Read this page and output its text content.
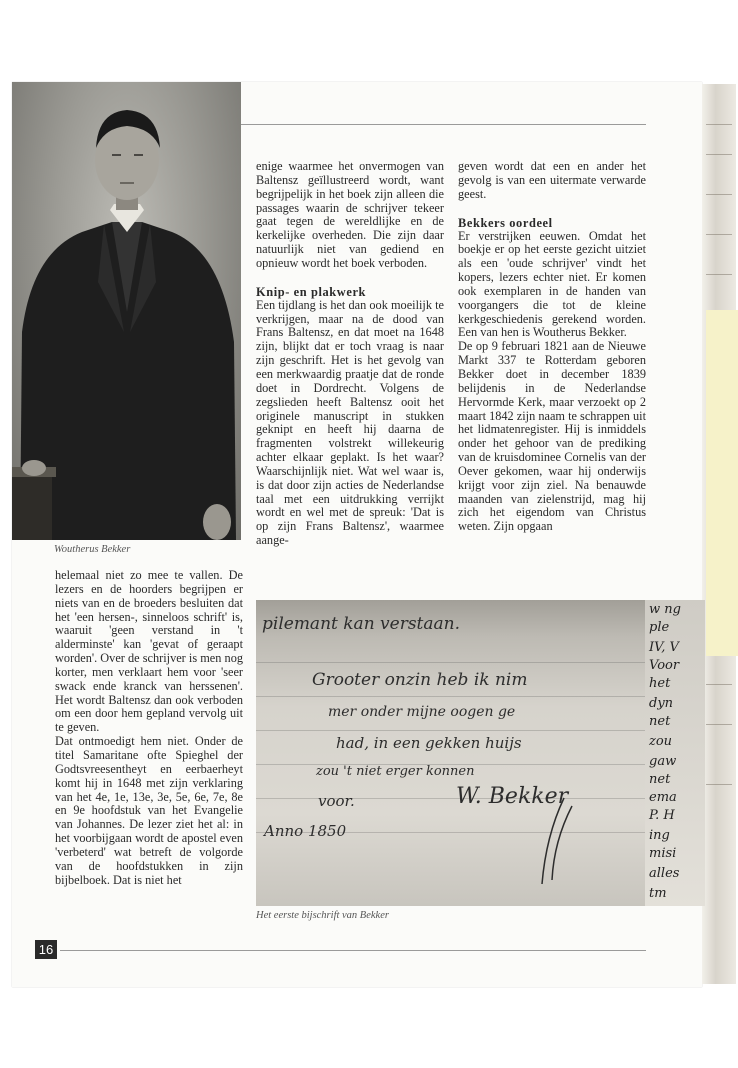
Woutherus Bekker

helemaal niet zo mee te vallen. De lezers en de hoorders begrijpen er niets van en de broeders besluiten dat het 'een hersen-, sinneloos schrift' is, waaruit 'geen verstand in 't alderminste' kan 'gevat of geraapt worden'. Over de schrijver is men nog korter, men verklaart hem voor 'seer swack ende kranck van herssenen'. Het wordt Baltensz dan ook verboden om een door hem gepland vervolg uit te geven.

Dat ontmoedigt hem niet. Onder de titel Samaritane ofte Spieghel der Godtsvreesentheyt en eerbaerheyt komt hij in 1648 met zijn verklaring van het 4e, 1e, 13e, 3e, 5e, 6e, 7e, 8e en 9e hoofdstuk van het Evangelie van Johannes. De lezer ziet het al: in het voorbijgaan wordt de apostel even 'verbeterd' wat betreft de volgorde van de hoofdstukken in zijn bijbelboek. Dat is niet het

enige waarmee het onvermogen van Baltensz geïllustreerd wordt, want begrijpelijk in het boek zijn alleen die passages waarin de schrijver tekeer gaat tegen de wereldlijke en de kerkelijke overheden. Die zijn daar natuurlijk niet van gediend en opnieuw wordt het boek verboden.

Knip- en plakwerk

Een tijdlang is het dan ook moeilijk te verkrijgen, maar na de dood van Frans Baltensz, en dat moet na 1648 zijn, blijkt dat er toch vraag is naar zijn geschrift. Het is het gevolg van een merkwaardig praatje dat de ronde doet in Dordrecht. Volgens de zegslieden heeft Baltensz ooit het originele manuscript in stukken geknipt en heeft hij daarna de fragmenten volstrekt willekeurig achter elkaar geplakt. Is het waar? Waarschijnlijk niet. Wat wel waar is, is dat door zijn acties de Nederlandse taal met een uitdrukking verrijkt wordt en wel met de spreuk: 'Dat is op zijn Frans Baltensz', waarmee aange-

geven wordt dat een en ander het gevolg is van een uitermate verwarde geest.

Bekkers oordeel

Er verstrijken eeuwen. Omdat het boekje er op het eerste gezicht uitziet als een 'oude schrijver' vindt het kopers, lezers echter niet. Er komen ook exemplaren in de handen van voorgangers die tot de kleine kerkgeschiedenis gerekend worden. Een van hen is Woutherus Bekker.

De op 9 februari 1821 aan de Nieuwe Markt 337 te Rotterdam geboren Bekker doet in december 1839 belijdenis in de Nederlandse Hervormde Kerk, maar verzoekt op 2 maart 1842 zijn naam te schrappen uit het lidmatenregister. Hij is inmiddels onder het gehoor van de prediking van de kruisdominee Cornelis van der Oever gekomen, waar hij onderwijs krijgt voor zijn ziel. Na benauwde maanden van zielenstrijd, mag hij zich het eigendom van Christus weten. Zijn opgaan

pilemant kan verstaan.
Grooter onzin heb ik nim
mer onder mijne oogen ge
had, in een gekken huijs
zou 't niet erger konnen
voor.	W. Bekker
Anno 1850
w ng
ple
IV, V
Voor
het
dyn
net
zou
gaw
net
ema
P. H
ing
misi
alles
tm
Het eerste bijschrift van Bekker
16
